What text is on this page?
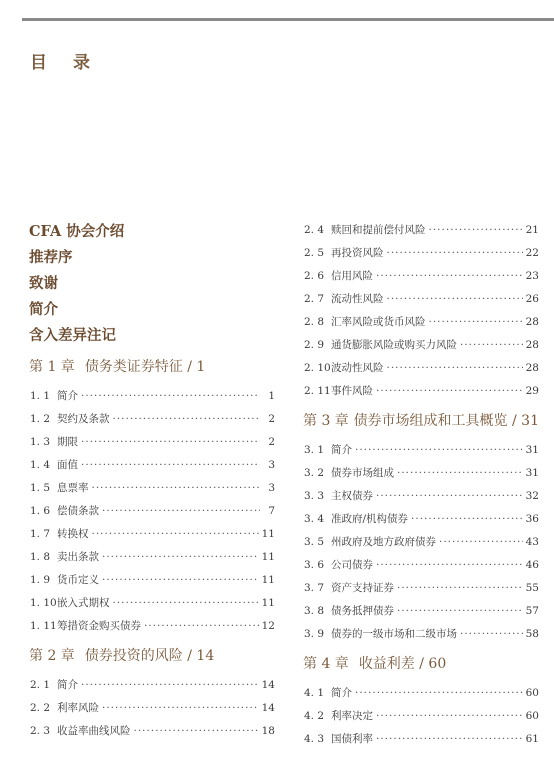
目录
CFA 协会介绍
推荐序
致谢
简介
含入差异注记
第 1 章 债务类证券特征 / 1
1. 1 简介 ·····	1
1. 2 契约及条款 ·····	2
1. 3 期限 ·····	2
1. 4 面值 ·····	3
1. 5 息票率 ·····	3
1. 6 偿债条款 ·····	7
1. 7 转换权 ·····	11
1. 8 卖出条款 ·····	11
1. 9 货币定义 ·····	11
1. 10 嵌入式期权 ·····	11
1. 11 筹措资金购买债券 ·····	12
第 2 章 债券投资的风险 / 14
2. 1 简介 ·····	14
2. 2 利率风险 ·····	14
2. 3 收益率曲线风险 ·····	18
2. 4 赎回和提前偿付风险 ·····	21
2. 5 再投资风险 ·····	22
2. 6 信用风险 ·····	23
2. 7 流动性风险 ·····	26
2. 8 汇率风险或货币风险 ·····	28
2. 9 通货膨胀风险或购买力风险 ·····	28
2. 10 波动性风险 ·····	28
2. 11 事件风险 ·····	29
第 3 章 债券市场组成和工具概览 / 31
3. 1 简介 ·····	31
3. 2 债券市场组成 ·····	31
3. 3 主权债券 ·····	32
3. 4 准政府/机构债券 ·····	36
3. 5 州政府及地方政府债券 ·····	43
3. 6 公司债券 ·····	46
3. 7 资产支持证券 ·····	55
3. 8 债务抵押债券 ·····	57
3. 9 债券的一级市场和二级市场 ·····	58
第 4 章 收益利差 / 60
4. 1 简介 ·····	60
4. 2 利率决定 ·····	60
4. 3 国债利率 ·····	61
